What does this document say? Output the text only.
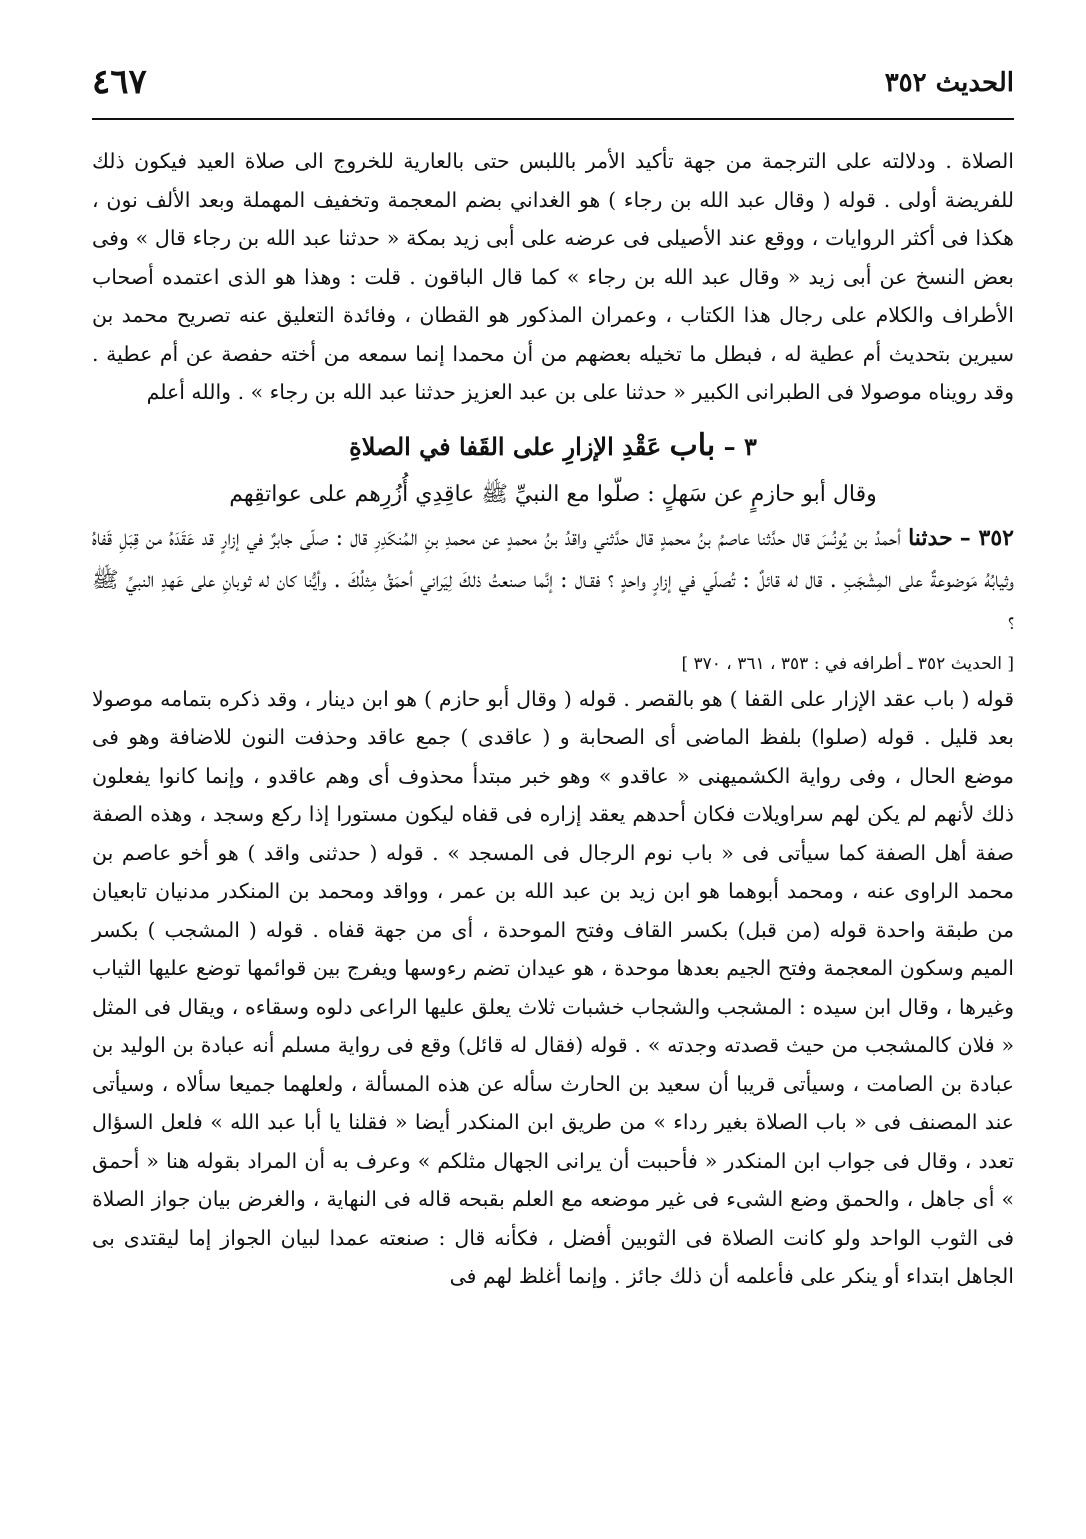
الحديث ٣٥٢
٤٦٧

الصلاة . ودلالته على الترجمة من جهة تأكيد الأمر باللبس حتى بالعارية للخروج الى صلاة العيد فيكون ذلك للفريضة أولى . قوله ( وقال عبد الله بن رجاء ) هو الغداني بضم المعجمة وتخفيف المهملة وبعد الألف نون ، هكذا فى أكثر الروايات ، ووقع عند الأصيلى فى عرضه على أبى زيد بمكة « حدثنا عبد الله بن رجاء قال » وفى بعض النسخ عن أبى زيد « وقال عبد الله بن رجاء » كما قال الباقون . قلت : وهذا هو الذى اعتمده أصحاب الأطراف والكلام على رجال هذا الكتاب ، وعمران المذكور هو القطان ، وفائدة التعليق عنه تصريح محمد بن سيرين بتحديث أم عطية له ، فبطل ما تخيله بعضهم من أن محمدا إنما سمعه من أخته حفصة عن أم عطية . وقد رويناه موصولا فى الطبرانى الكبير « حدثنا على بن عبد العزيز حدثنا عبد الله بن رجاء » . والله أعلم

٣ – باب عَقْدِ الإزارِ على القَفا في الصلاةِ
وقال أبو حازمٍ عن سَهلٍ : صلّوا مع النبيِّ ﷺ عاقِدِي أُزُرِهم على عواتقِهم

٣٥٢ – حدثنا أحمدُ بن يُونُسَ قال حدَّثنا عاصمُ بنُ محمدٍ قال حدَّثني واقدُ بنُ محمدٍ عن محمدِ بنِ المُنكَدِرِ قال : صلّى جابرٌ في إزارٍ قد عَقَدَهُ من قِبَلِ قَفاهُ وثيابُهُ مَوضوعةٌ على المِشْجَبِ . قال له قائلٌ : تُصلّي في إزارٍ واحدٍ ؟ فقـال : إنَّما صنعتُ ذلكَ لِيَراني أحمَقُ مِثلُكَ . وأيُّنا كان له ثوبانِ على عَهدِ النبيِّ ﷺ ؟

[ الحديث ٣٥٢ ـ أطرافه في : ٣٥٣ ، ٣٦١ ، ٣٧٠ ]

قوله ( باب عقد الإزار على القفا ) هو بالقصر . قوله ( وقال أبو حازم ) هو ابن دينار ، وقد ذكره بتمامه موصولا بعد قليل . قوله (صلوا) بلفظ الماضى أى الصحابة و ( عاقدى ) جمع عاقد وحذفت النون للاضافة وهو فى موضع الحال ، وفى رواية الكشميهنى « عاقدو » وهو خبر مبتدأ محذوف أى وهم عاقدو ، وإنما كانوا يفعلون ذلك لأنهم لم يكن لهم سراويلات فكان أحدهم يعقد إزاره فى قفاه ليكون مستورا إذا ركع وسجد ، وهذه الصفة صفة أهل الصفة كما سيأتى فى « باب نوم الرجال فى المسجد » . قوله ( حدثنى واقد ) هو أخو عاصم بن محمد الراوى عنه ، ومحمد أبوهما هو ابن زيد بن عبد الله بن عمر ، وواقد ومحمد بن المنكدر مدنيان تابعيان من طبقة واحدة قوله (من قبل) بكسر القاف وفتح الموحدة ، أى من جهة قفاه . قوله ( المشجب ) بكسر الميم وسكون المعجمة وفتح الجيم بعدها موحدة ، هو عيدان تضم رءوسها ويفرج بين قوائمها توضع عليها الثياب وغيرها ، وقال ابن سيده : المشجب والشجاب خشبات ثلاث يعلق عليها الراعى دلوه وسقاءه ، ويقال فى المثل « فلان كالمشجب من حيث قصدته وجدته » . قوله (فقال له قائل) وقع فى رواية مسلم أنه عبادة بن الوليد بن عبادة بن الصامت ، وسيأتى قريبا أن سعيد بن الحارث سأله عن هذه المسألة ، ولعلهما جميعا سألاه ، وسيأتى عند المصنف فى « باب الصلاة بغير رداء » من طريق ابن المنكدر أيضا « فقلنا يا أبا عبد الله » فلعل السؤال تعدد ، وقال فى جواب ابن المنكدر « فأحببت أن يرانى الجهال مثلكم » وعرف به أن المراد بقوله هنا « أحمق » أى جاهل ، والحمق وضع الشىء فى غير موضعه مع العلم بقبحه قاله فى النهاية ، والغرض بيان جواز الصلاة فى الثوب الواحد ولو كانت الصلاة فى الثوبين أفضل ، فكأنه قال : صنعته عمدا لبيان الجواز إما ليقتدى بى الجاهل ابتداء أو ينكر على فأعلمه أن ذلك جائز . وإنما أغلظ لهم فى
